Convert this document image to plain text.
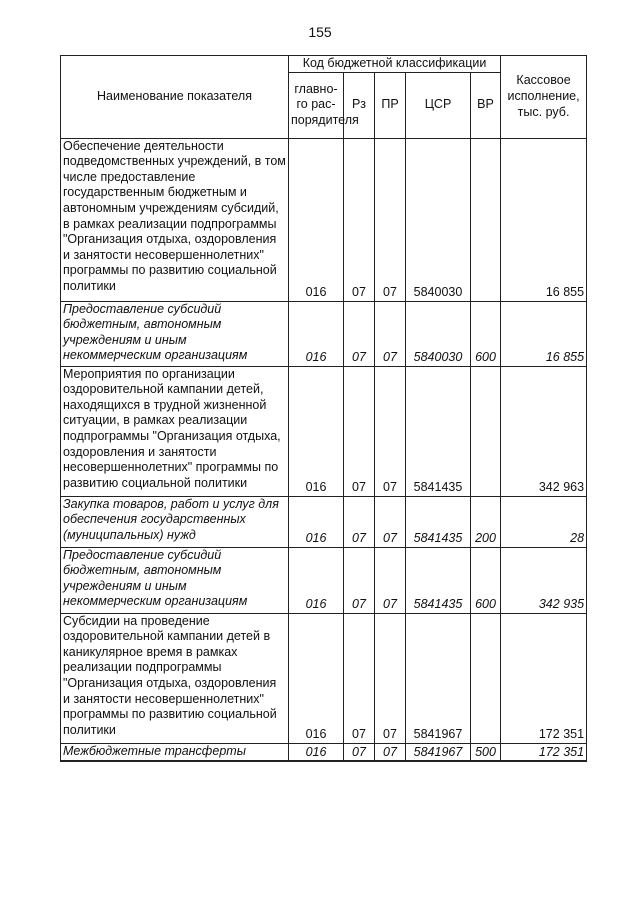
155
Наименование показателя	Код бюджетной классификации					Кассовое исполнение, тыс. руб.
	главно-го рас-порядителя	Рз	ПР	ЦСР	ВР	
Обеспечение деятельности подведомственных учреждений, в том числе предоставление государственным бюджетным и автономным учреждениям субсидий, в рамках реализации подпрограммы "Организация отдыха, оздоровления и занятости несовершеннолетних" программы по развитию социальной политики	016	07	07	5840030		16 855
Предоставление субсидий бюджетным, автономным учреждениям и иным некоммерческим организациям	016	07	07	5840030	600	16 855
Мероприятия по организации оздоровительной кампании детей, находящихся в трудной жизненной ситуации, в рамках реализации подпрограммы "Организация отдыха, оздоровления и занятости несовершеннолетних" программы по развитию социальной политики	016	07	07	5841435		342 963
Закупка товаров, работ и услуг для обеспечения государственных (муниципальных) нужд	016	07	07	5841435	200	28
Предоставление субсидий бюджетным, автономным учреждениям и иным некоммерческим организациям	016	07	07	5841435	600	342 935
Субсидии на проведение оздоровительной кампании детей в каникулярное время в рамках реализации подпрограммы "Организация отдыха, оздоровления и занятости несовершеннолетних" программы по развитию социальной политики	016	07	07	5841967		172 351
Межбюджетные трансферты	016	07	07	5841967	500	172 351
